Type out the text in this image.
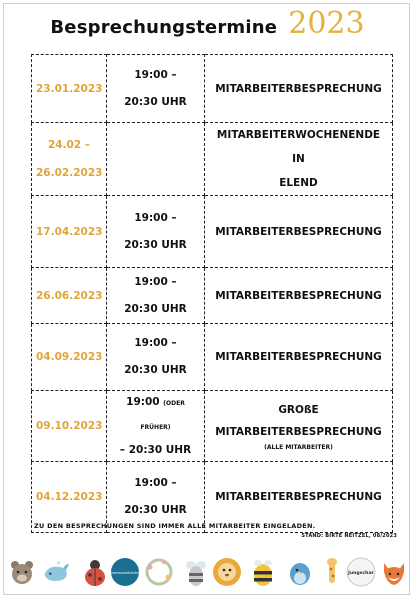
Besprechungstermine 2023
23.01.2023	19:00 –
20:30 UHR	MITARBEITERBESPRECHUNG

24.02 –
26.02.2023		MITARBEITERWOCHENENDE IN
ELEND

17.04.2023	19:00 –
20:30 UHR	MITARBEITERBESPRECHUNG

26.06.2023	19:00 –
20:30 UHR	MITARBEITERBESPRECHUNG

04.09.2023	19:00 –
20:30 UHR	MITARBEITERBESPRECHUNG

09.10.2023	19:00 (ODER FRÜHER)
– 20:30 UHR	GROßE
MITARBEITERBESPRECHUNG
(ALLE MITARBEITER)

04.12.2023	19:00 –
20:30 UHR	MITARBEITERBESPRECHUNG
ZU DEN BESPRECHUNGEN SIND IMMER ALLE MITARBEITER EINGELADEN.
STAND: BIRTE NEITZEL, 08/2023
immanuelkirche	Jungschar
